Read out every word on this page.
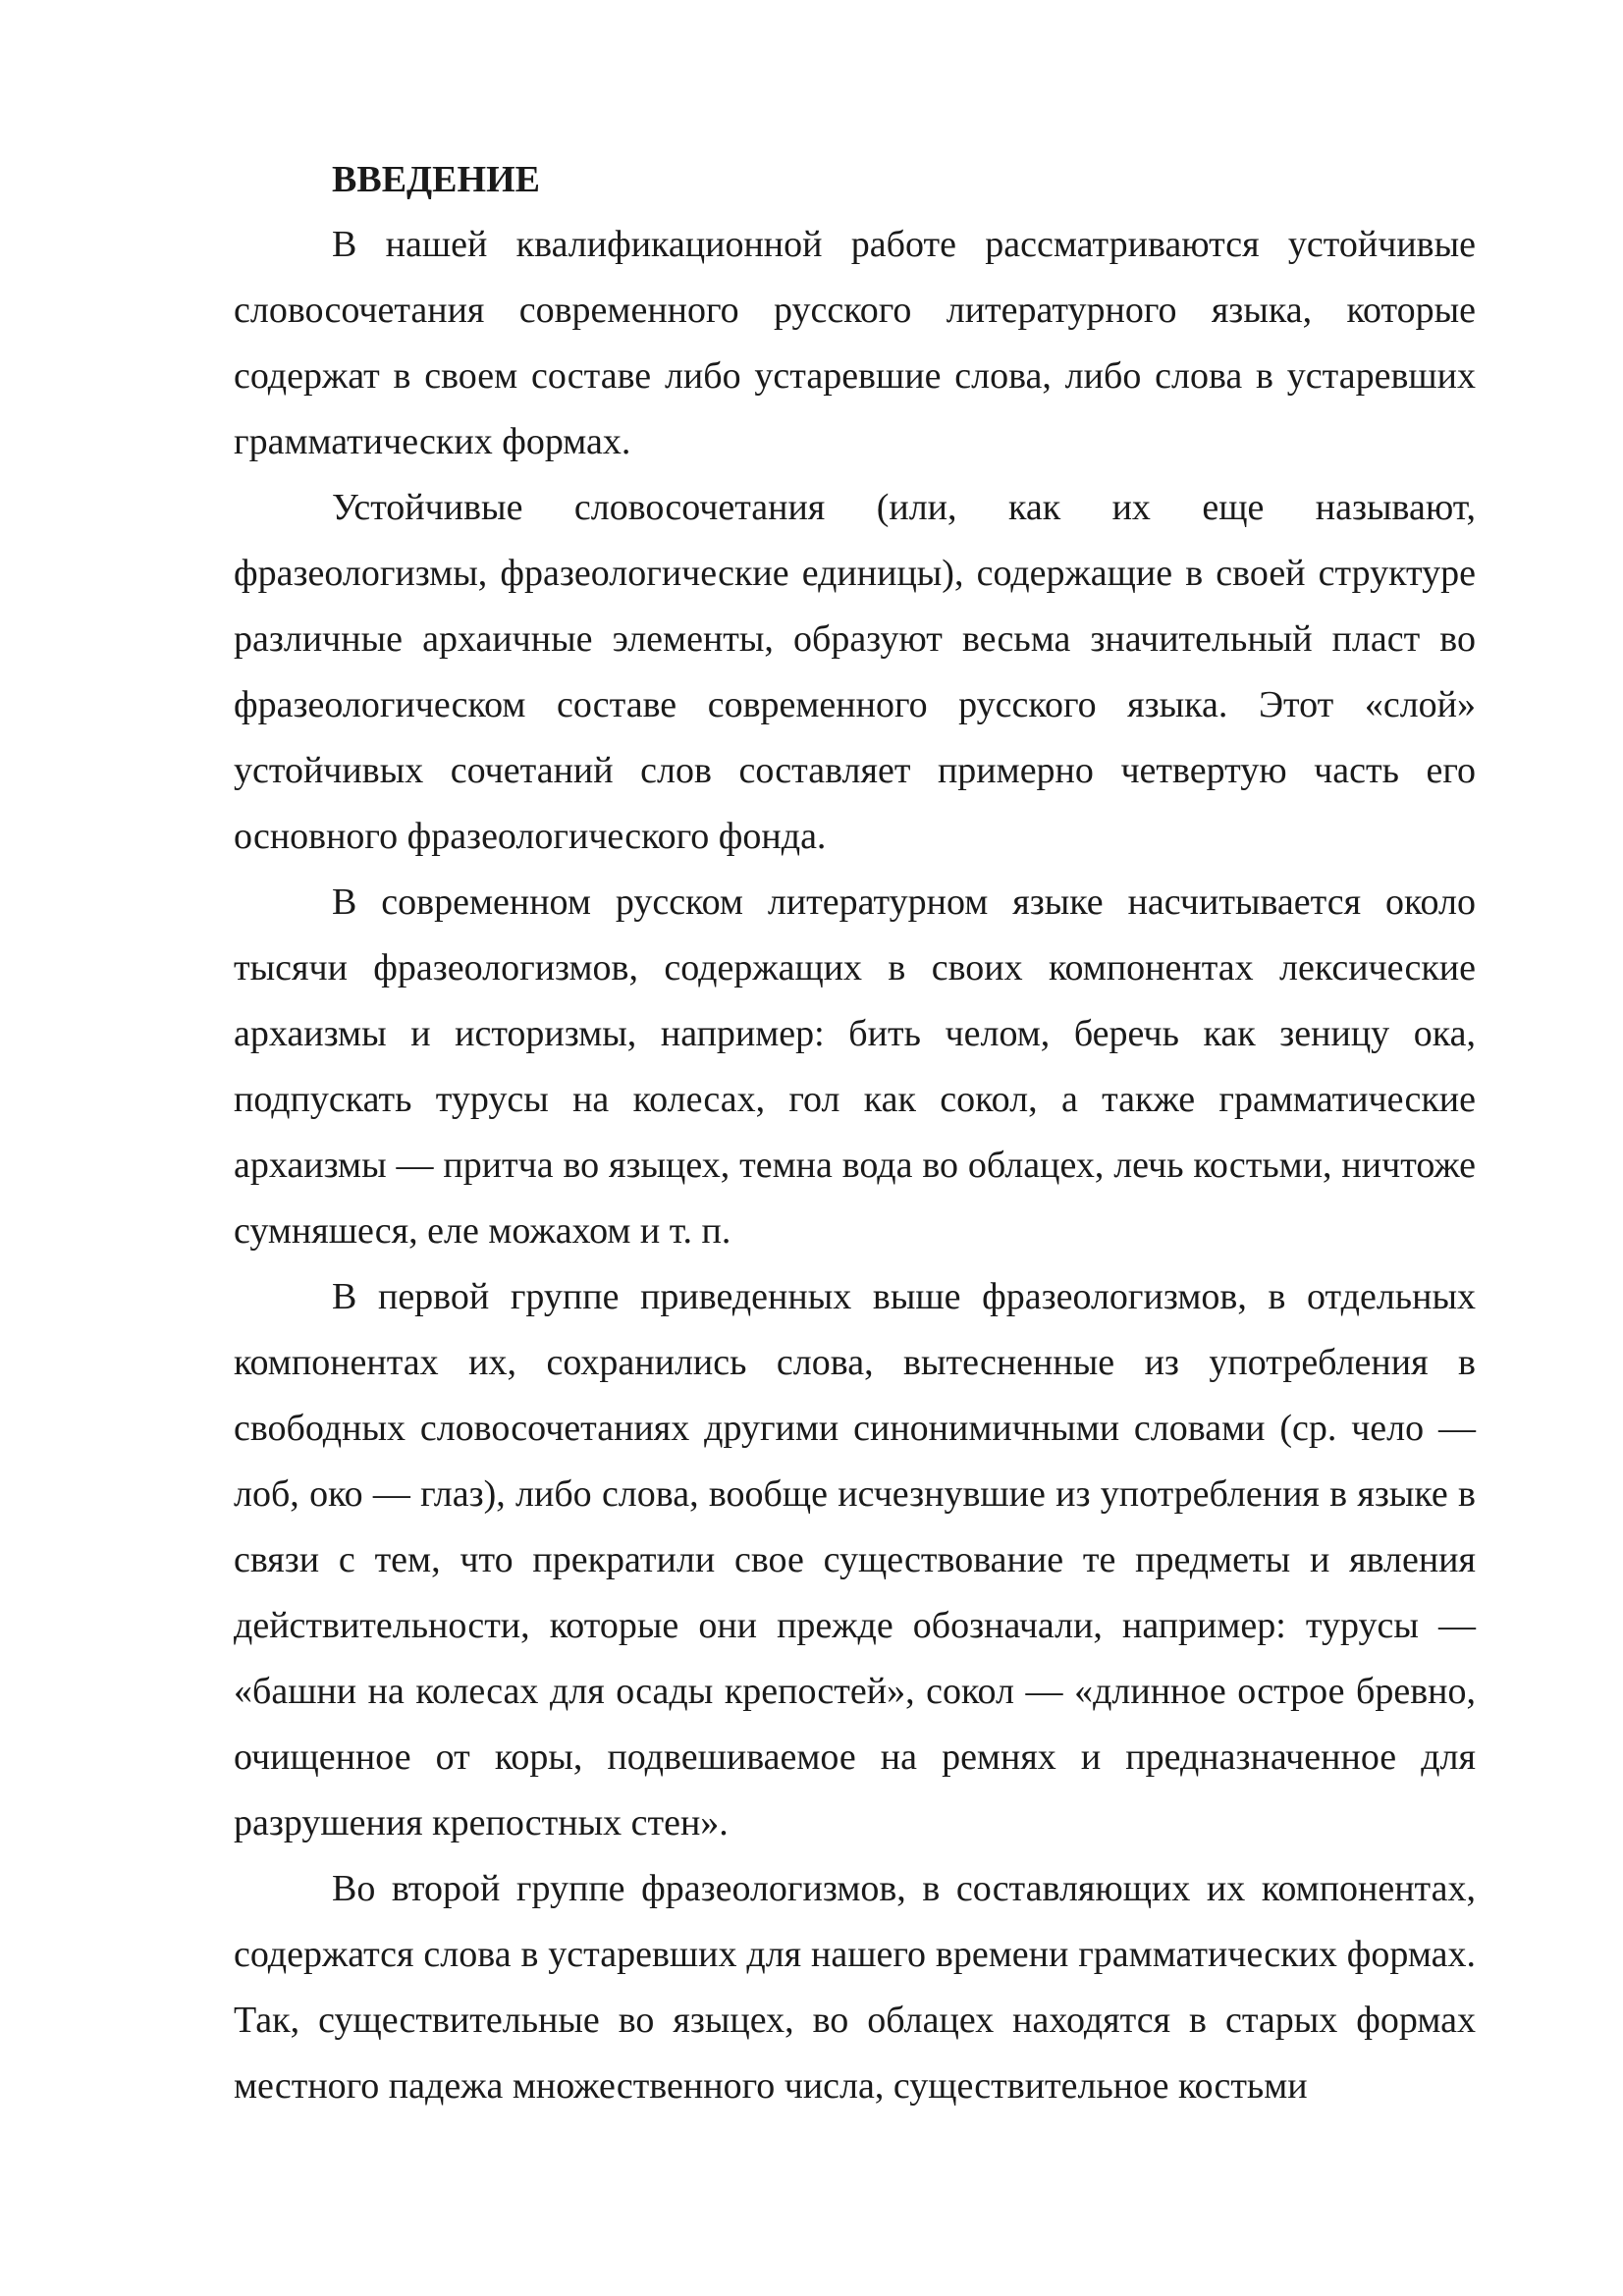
ВВЕДЕНИЕ

В нашей квалификационной работе рассматриваются устойчивые словосочетания современного русского литературного языка, которые содержат в своем составе либо устаревшие слова, либо слова в устаревших грамматических формах.

Устойчивые словосочетания (или, как их еще называют, фразеологизмы, фразеологические единицы), содержащие в своей структуре различные архаичные элементы, образуют весьма значительный пласт во фразеологическом составе современного русского языка. Этот «слой» устойчивых сочетаний слов составляет примерно четвертую часть его основного фразеологического фонда.

В современном русском литературном языке насчитывается около тысячи фразеологизмов, содержащих в своих компонентах лексические архаизмы и историзмы, например: бить челом, беречь как зеницу ока, подпускать турусы на колесах, гол как сокол, а также грамматические архаизмы — притча во языцех, темна вода во облацех, лечь костьми, ничтоже сумняшеся, еле можахом и т. п.

В первой группе приведенных выше фразеологизмов, в отдельных компонентах их, сохранились слова, вытесненные из употребления в свободных словосочетаниях другими синонимичными словами (ср. чело — лоб, око — глаз), либо слова, вообще исчезнувшие из употребления в языке в связи с тем, что прекратили свое существование те предметы и явления действительности, которые они прежде обозначали, например: турусы — «башни на колесах для осады крепостей», сокол — «длинное острое бревно, очищенное от коры, подвешиваемое на ремнях и предназначенное для разрушения крепостных стен».

Во второй группе фразеологизмов, в составляющих их компонентах, содержатся слова в устаревших для нашего времени грамматических формах. Так, существительные во языцех, во облацех находятся в старых формах местного падежа множественного числа, существительное костьми
